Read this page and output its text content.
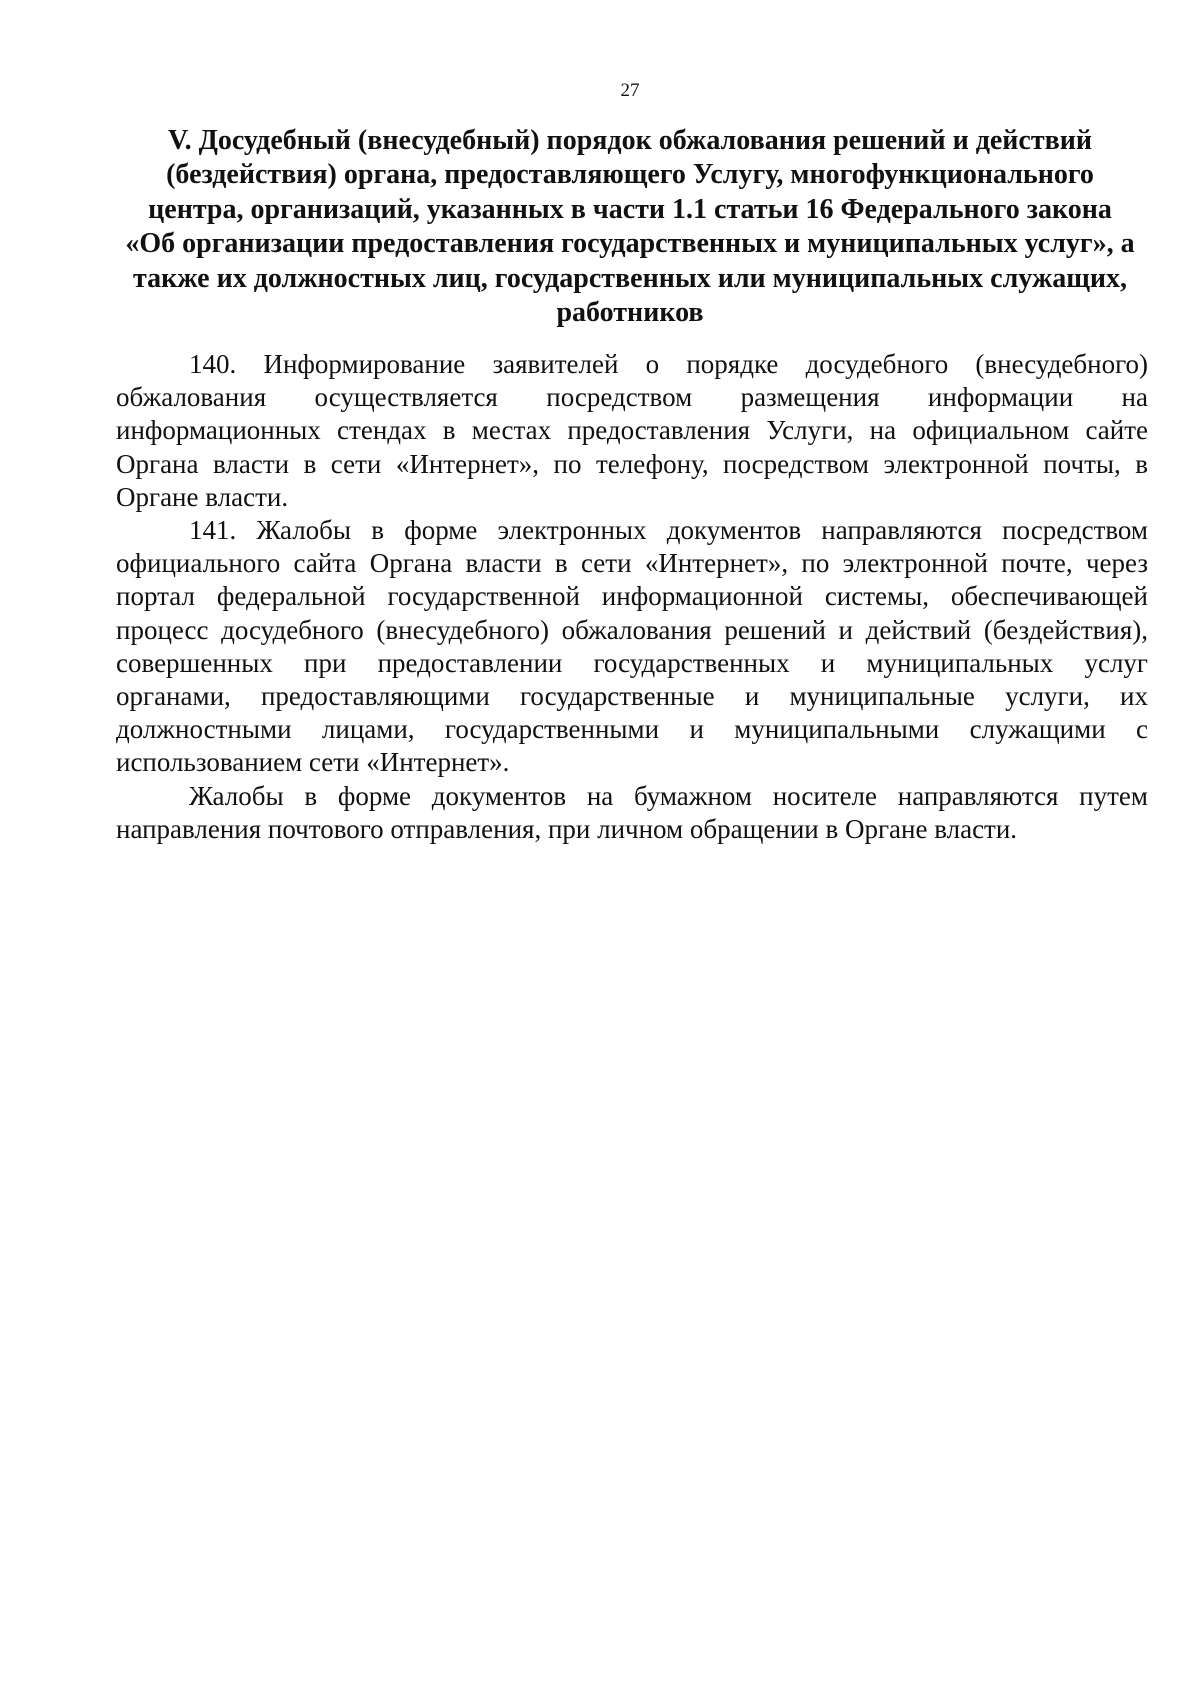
27
V. Досудебный (внесудебный) порядок обжалования решений и действий
(бездействия) органа, предоставляющего Услугу, многофункционального
центра, организаций, указанных в части 1.1 статьи 16 Федерального закона
«Об организации предоставления государственных и муниципальных услуг», а
также их должностных лиц, государственных или муниципальных служащих,
работников
140. Информирование заявителей о порядке досудебного (внесудебного)
обжалования осуществляется посредством размещения информации на
информационных стендах в местах предоставления Услуги, на официальном сайте
Органа власти в сети «Интернет», по телефону, посредством электронной почты, в
Органе власти.
141. Жалобы в форме электронных документов направляются посредством
официального сайта Органа власти в сети «Интернет», по электронной почте, через
портал федеральной государственной информационной системы, обеспечивающей
процесс досудебного (внесудебного) обжалования решений и действий (бездействия),
совершенных при предоставлении государственных и муниципальных услуг
органами, предоставляющими государственные и муниципальные услуги, их
должностными лицами, государственными и муниципальными служащими с
использованием сети «Интернет».
Жалобы в форме документов на бумажном носителе направляются путем
направления почтового отправления, при личном обращении в Органе власти.
